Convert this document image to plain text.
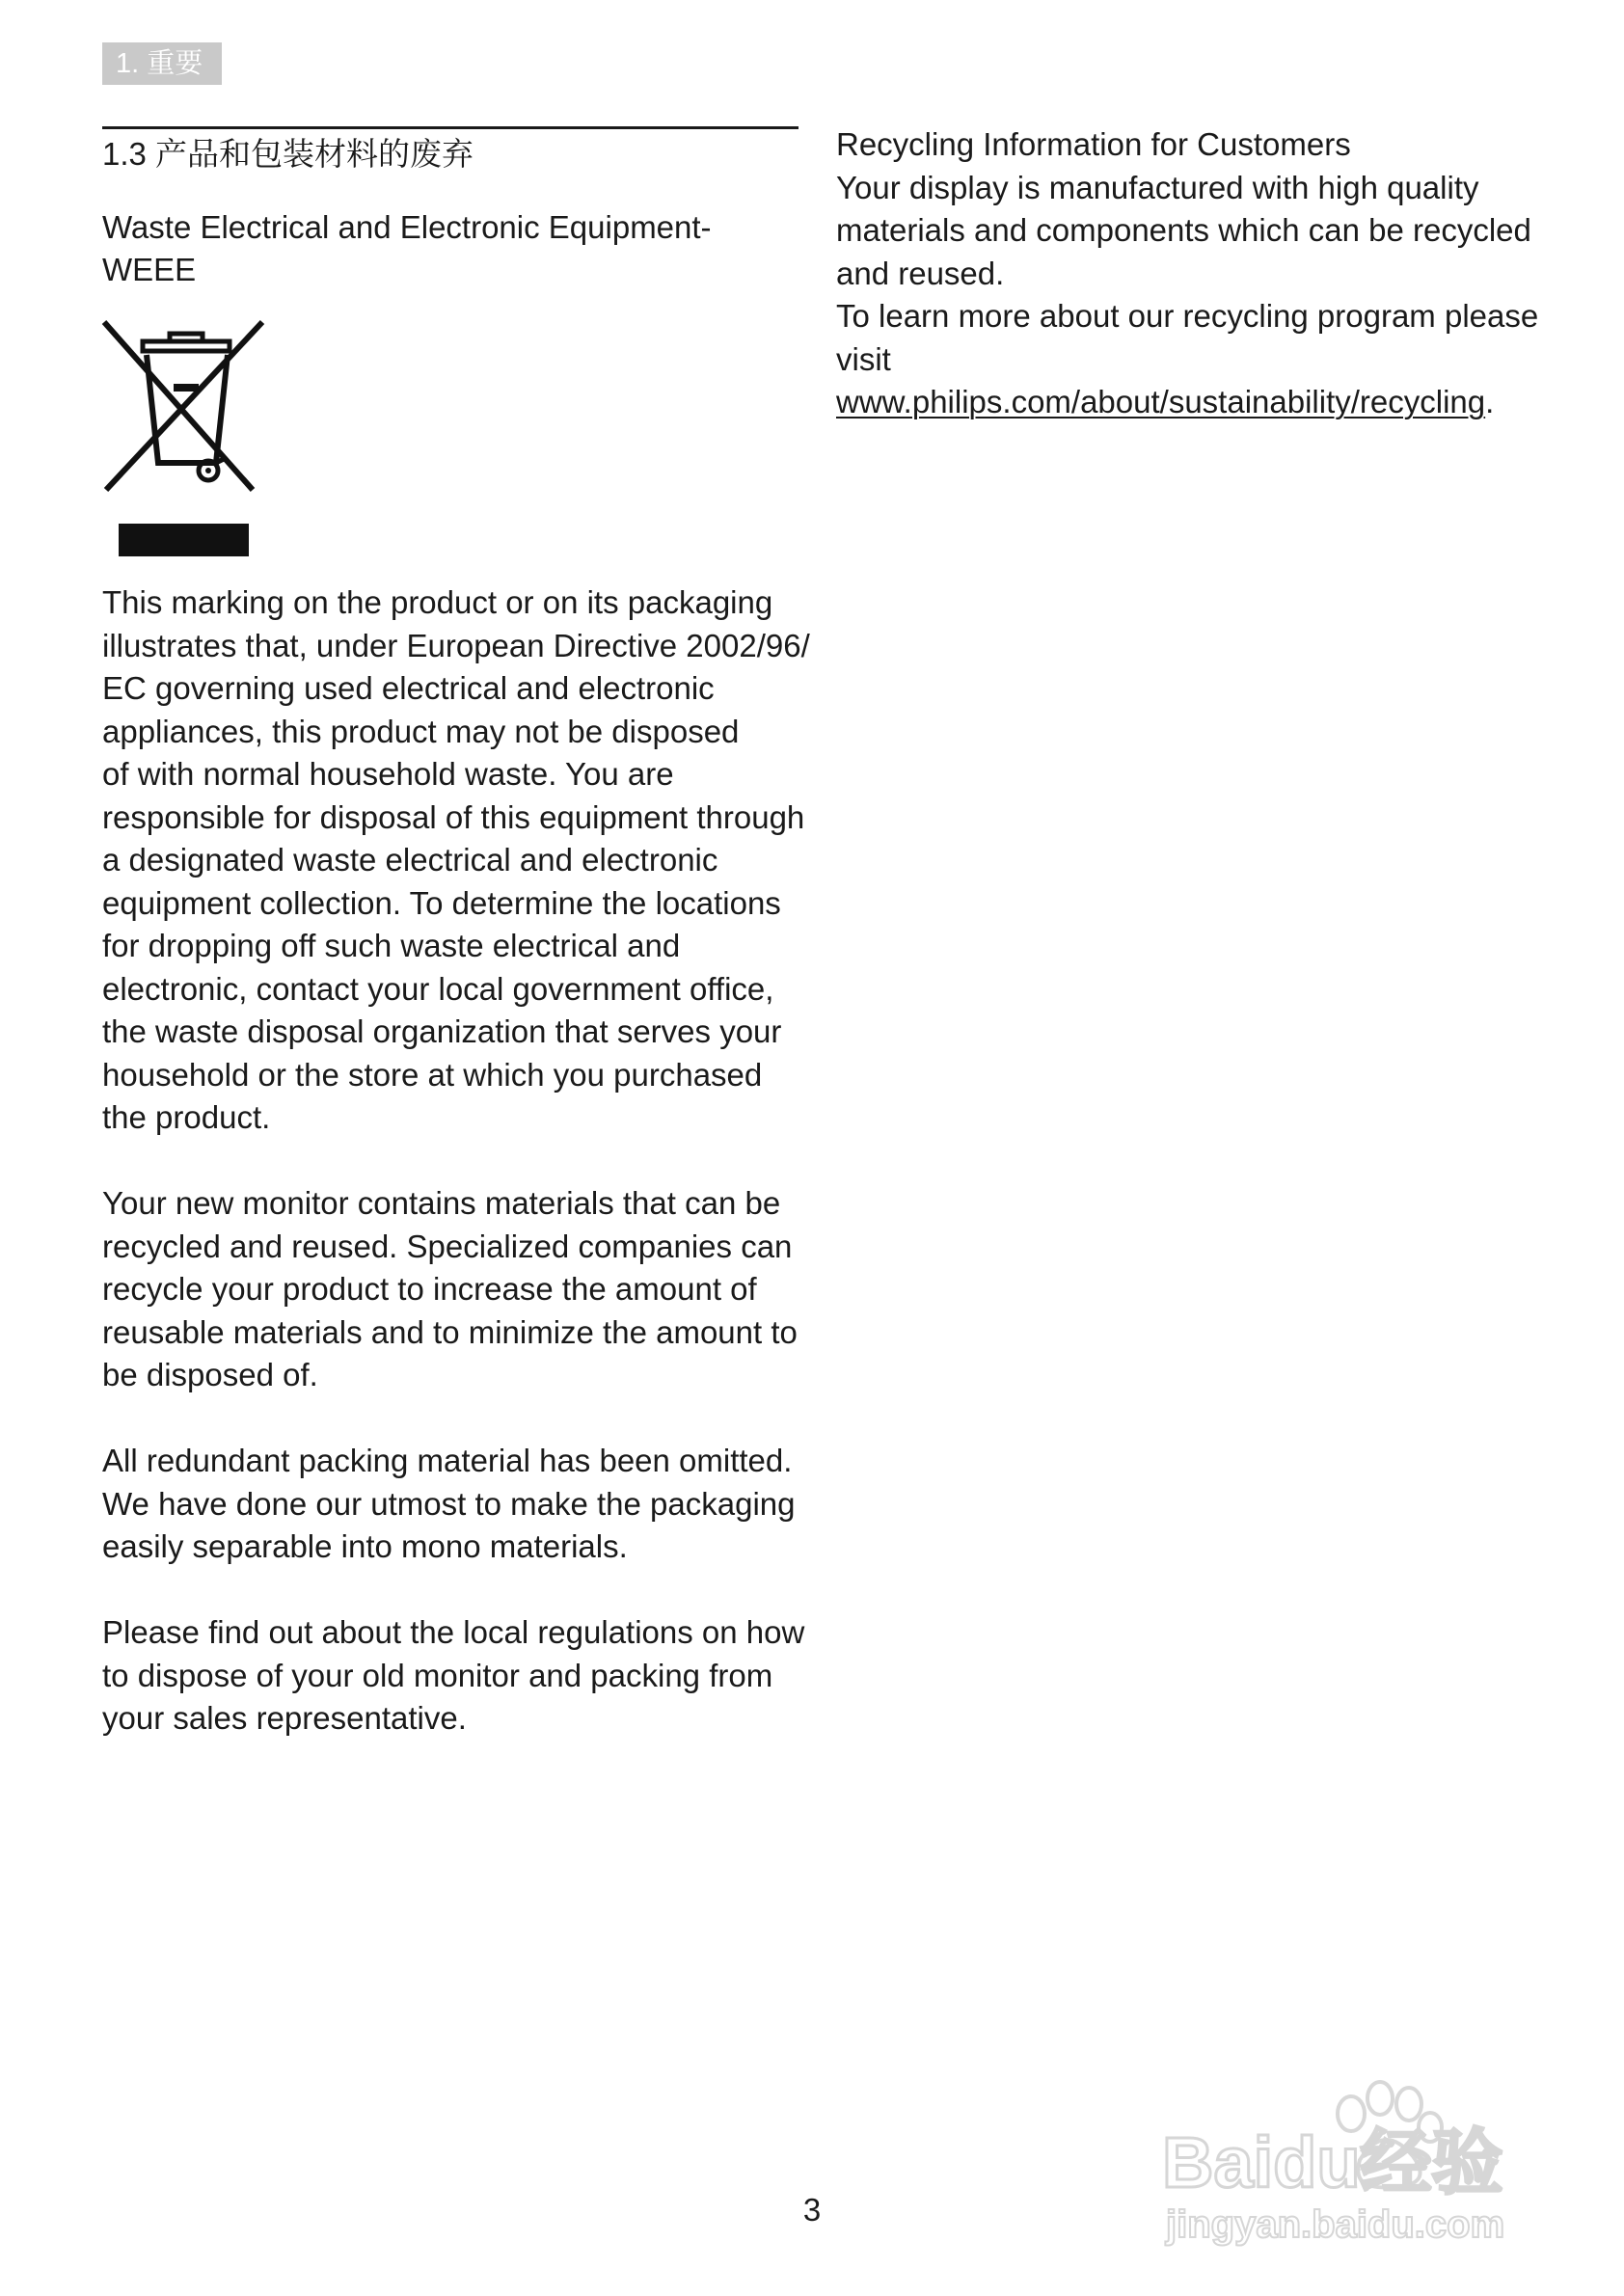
1. 重要
1.3 产品和包装材料的废弃
Waste Electrical and Electronic Equipment-
WEEE

This marking on the product or on its packaging
illustrates that, under European Directive 2002/96/
EC governing used electrical and electronic
appliances, this product may not be disposed
of with normal household waste. You are
responsible for disposal of this equipment through
a designated waste electrical and electronic
equipment collection. To determine the locations
for dropping off such waste electrical and
electronic, contact your local government office,
the waste disposal organization that serves your
household or the store at which you purchased
the product.

Your new monitor contains materials that can be
recycled and reused. Specialized companies can
recycle your product to increase the amount of
reusable materials and to minimize the amount to
be disposed of.

All redundant packing material has been omitted.
We have done our utmost to make the packaging
easily separable into mono materials.

Please find out about the local regulations on how
to dispose of your old monitor and packing from
your sales representative.

Recycling Information for Customers

Your display is manufactured with high quality
materials and components which can be recycled
and reused.
To learn more about our recycling program please
visit www.philips.com/about/sustainability/recycling.

3
Baidu经验
jingyan.baidu.com
